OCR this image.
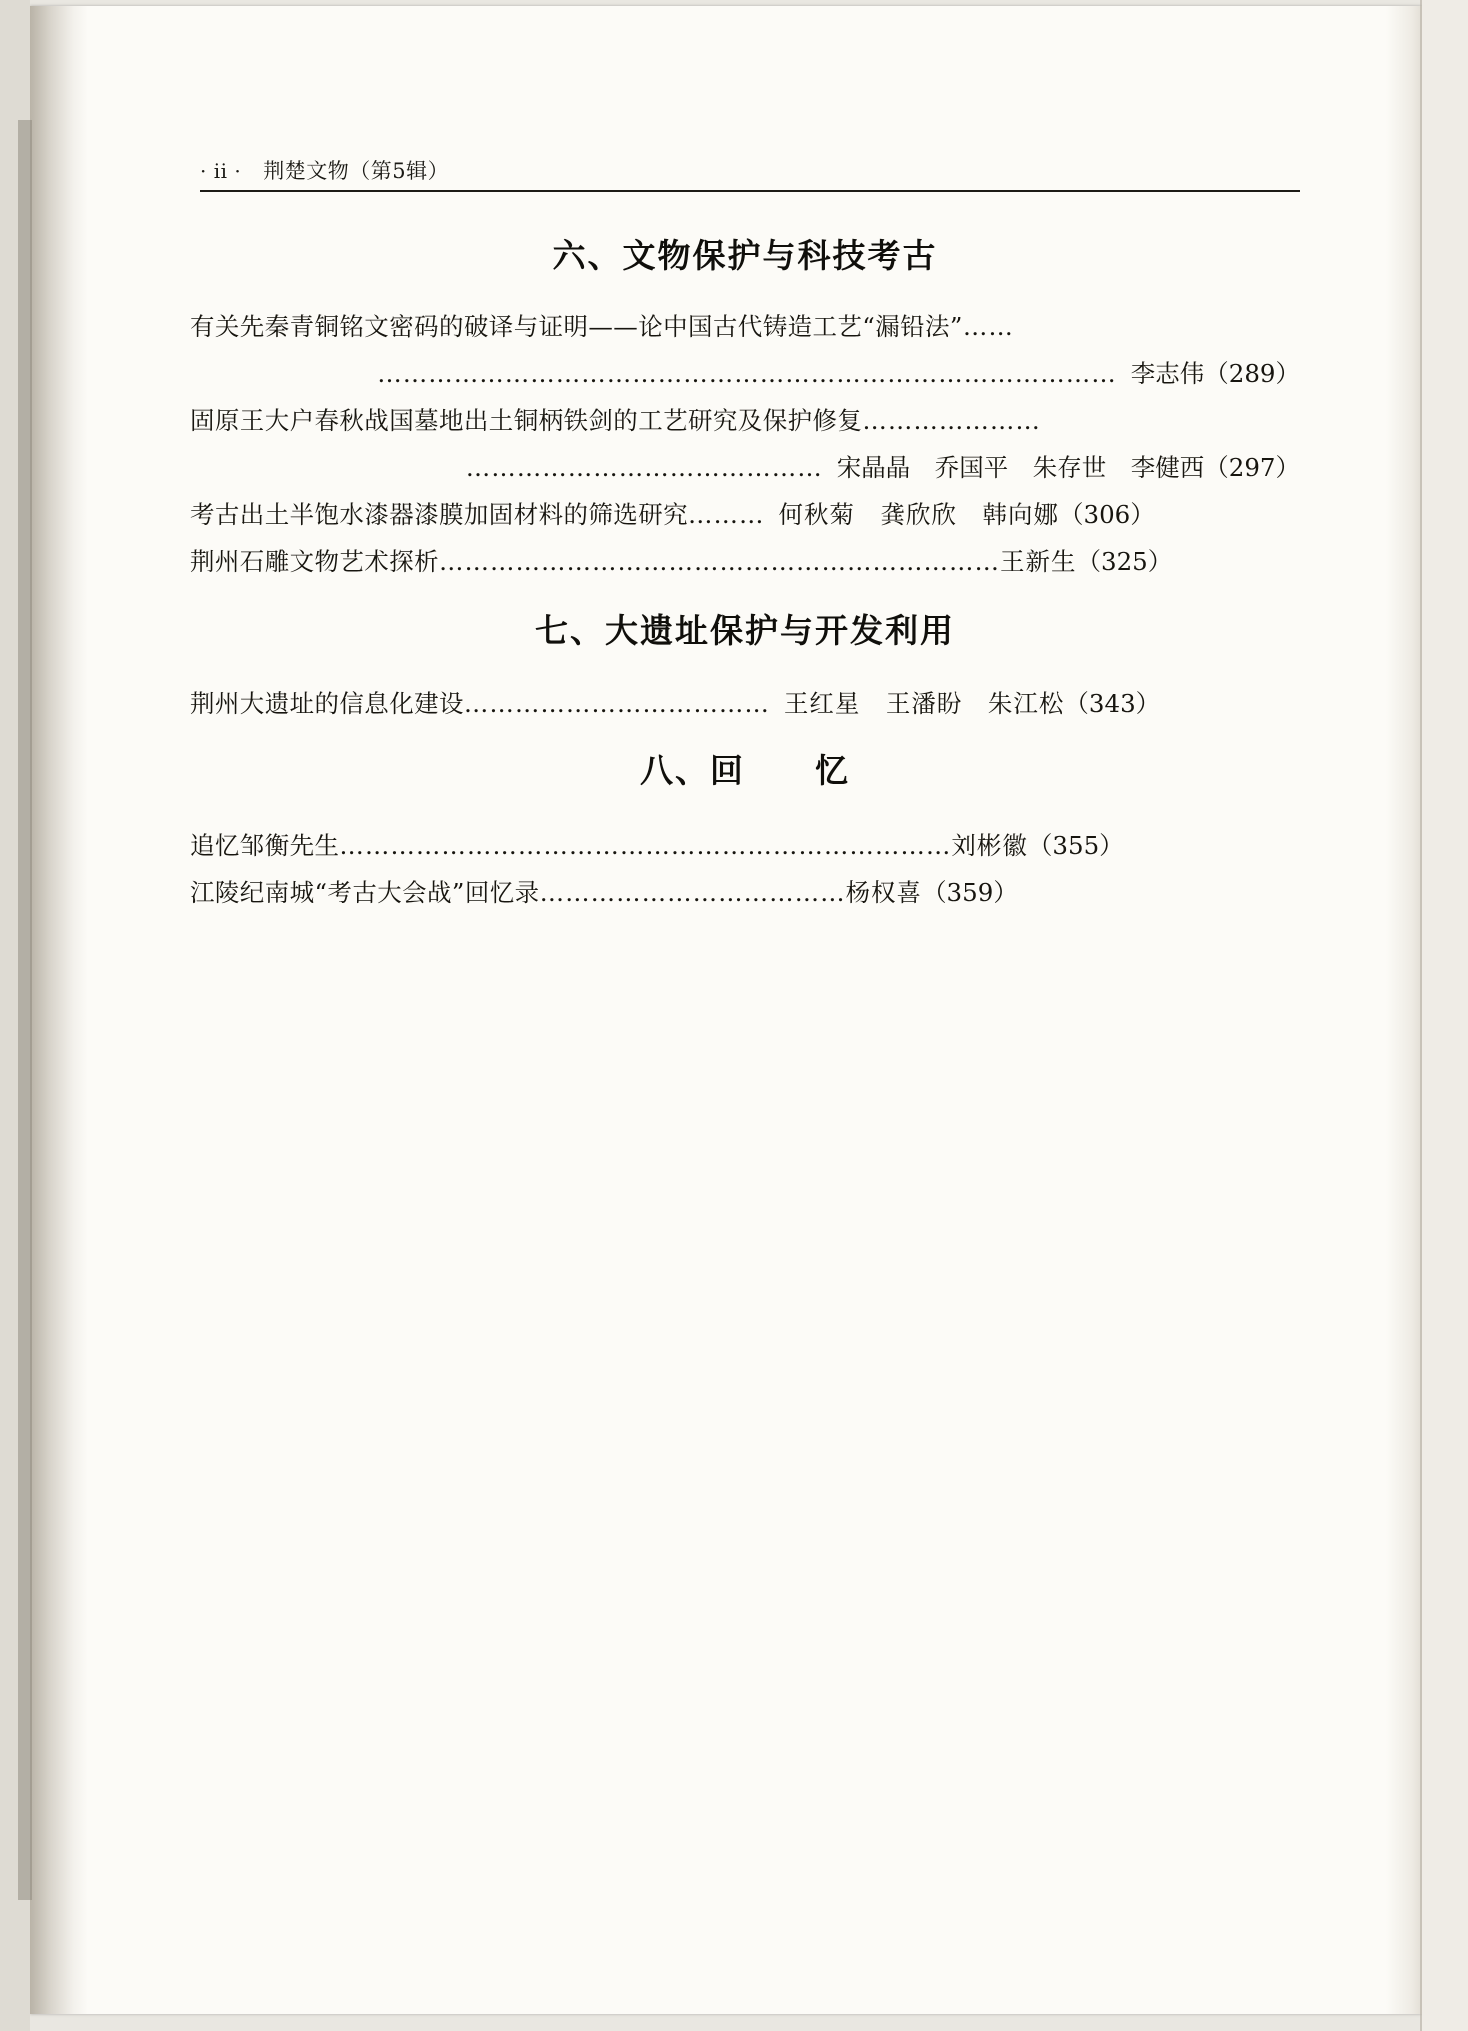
· ii · 荆楚文物（第5辑）
六、文物保护与科技考古
有关先秦青铜铭文密码的破译与证明——论中国古代铸造工艺“漏铅法”……
…………………………………………………………………………… 李志伟（289）
固原王大户春秋战国墓地出土铜柄铁剑的工艺研究及保护修复…………………
…………………………………… 宋晶晶　乔国平　朱存世　李健西（297）
考古出土半饱水漆器漆膜加固材料的筛选研究……… 何秋菊　龚欣欣　韩向娜（306）
荆州石雕文物艺术探析…………………………………………………………王新生（325）
七、大遗址保护与开发利用
荆州大遗址的信息化建设……………………………… 王红星　王潘盼　朱江松（343）
八、回　　忆
追忆邹衡先生………………………………………………………………刘彬徽（355）
江陵纪南城“考古大会战”回忆录………………………………杨权喜（359）
